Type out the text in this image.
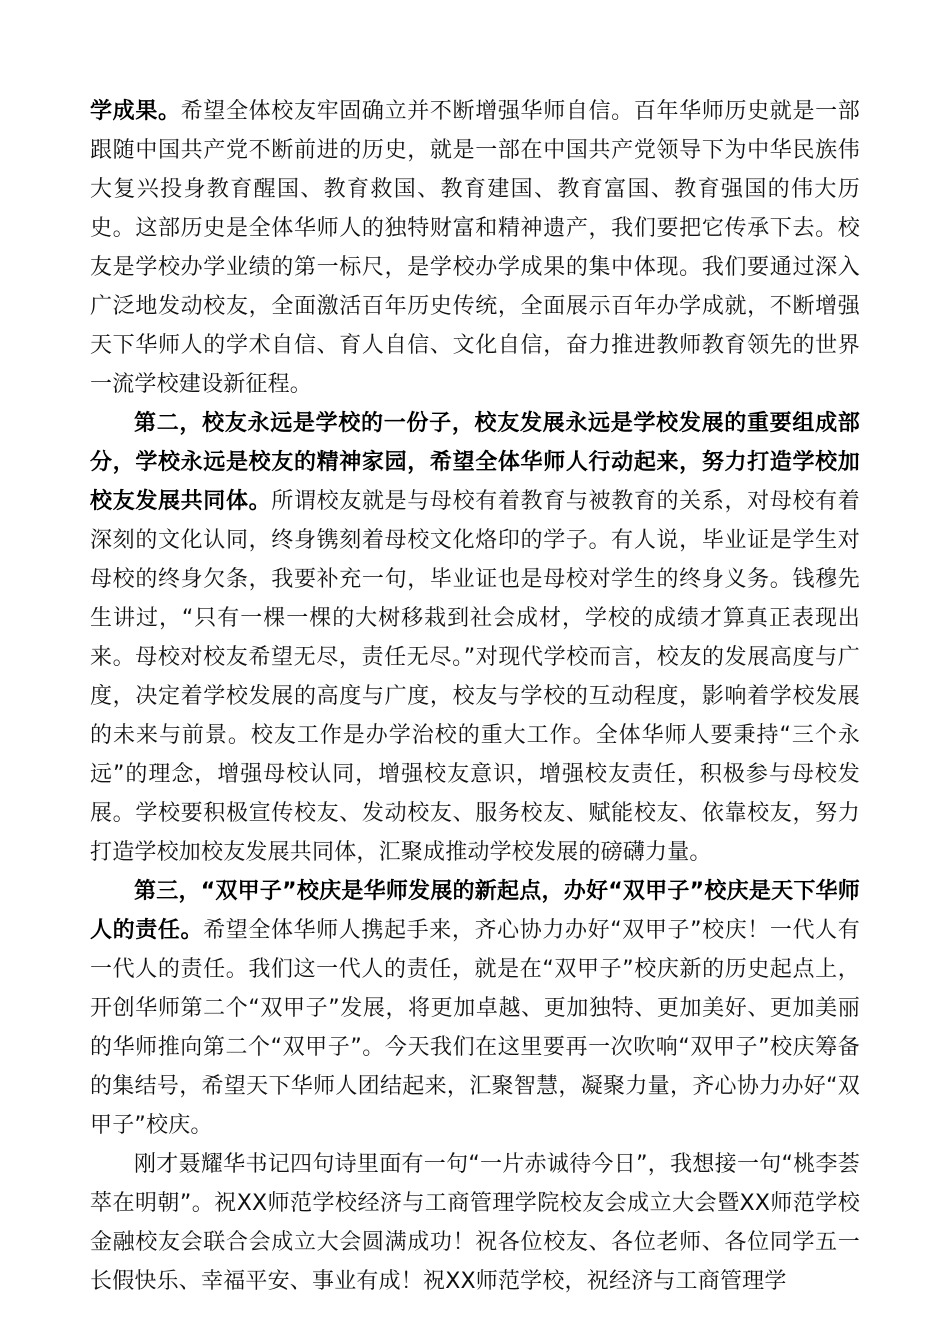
学成果。希望全体校友牢固确立并不断增强华师自信。百年华师历史就是一部跟随中国共产党不断前进的历史，就是一部在中国共产党领导下为中华民族伟大复兴投身教育醒国、教育救国、教育建国、教育富国、教育强国的伟大历史。这部历史是全体华师人的独特财富和精神遗产，我们要把它传承下去。校友是学校办学业绩的第一标尺，是学校办学成果的集中体现。我们要通过深入广泛地发动校友，全面激活百年历史传统，全面展示百年办学成就，不断增强天下华师人的学术自信、育人自信、文化自信，奋力推进教师教育领先的世界一流学校建设新征程。

第二，校友永远是学校的一份子，校友发展永远是学校发展的重要组成部分，学校永远是校友的精神家园，希望全体华师人行动起来，努力打造学校加校友发展共同体。所谓校友就是与母校有着教育与被教育的关系，对母校有着深刻的文化认同，终身镌刻着母校文化烙印的学子。有人说，毕业证是学生对母校的终身欠条，我要补充一句，毕业证也是母校对学生的终身义务。钱穆先生讲过，“只有一棵一棵的大树移栽到社会成材，学校的成绩才算真正表现出来。母校对校友希望无尽，责任无尽。”对现代学校而言，校友的发展高度与广度，决定着学校发展的高度与广度，校友与学校的互动程度，影响着学校发展的未来与前景。校友工作是办学治校的重大工作。全体华师人要秉持“三个永远”的理念，增强母校认同，增强校友意识，增强校友责任，积极参与母校发展。学校要积极宣传校友、发动校友、服务校友、赋能校友、依靠校友，努力打造学校加校友发展共同体，汇聚成推动学校发展的磅礴力量。

第三，“双甲子”校庆是华师发展的新起点，办好“双甲子”校庆是天下华师人的责任。希望全体华师人携起手来，齐心协力办好“双甲子”校庆！一代人有一代人的责任。我们这一代人的责任，就是在“双甲子”校庆新的历史起点上，开创华师第二个“双甲子”发展，将更加卓越、更加独特、更加美好、更加美丽的华师推向第二个“双甲子”。今天我们在这里要再一次吹响“双甲子”校庆筹备的集结号，希望天下华师人团结起来，汇聚智慧，凝聚力量，齐心协力办好“双甲子”校庆。

刚才聂耀华书记四句诗里面有一句“一片赤诚待今日”，我想接一句“桃李荟萃在明朝”。祝XX师范学校经济与工商管理学院校友会成立大会暨XX师范学校金融校友会联合会成立大会圆满成功！祝各位校友、各位老师、各位同学五一长假快乐、幸福平安、事业有成！祝XX师范学校，祝经济与工商管理学
